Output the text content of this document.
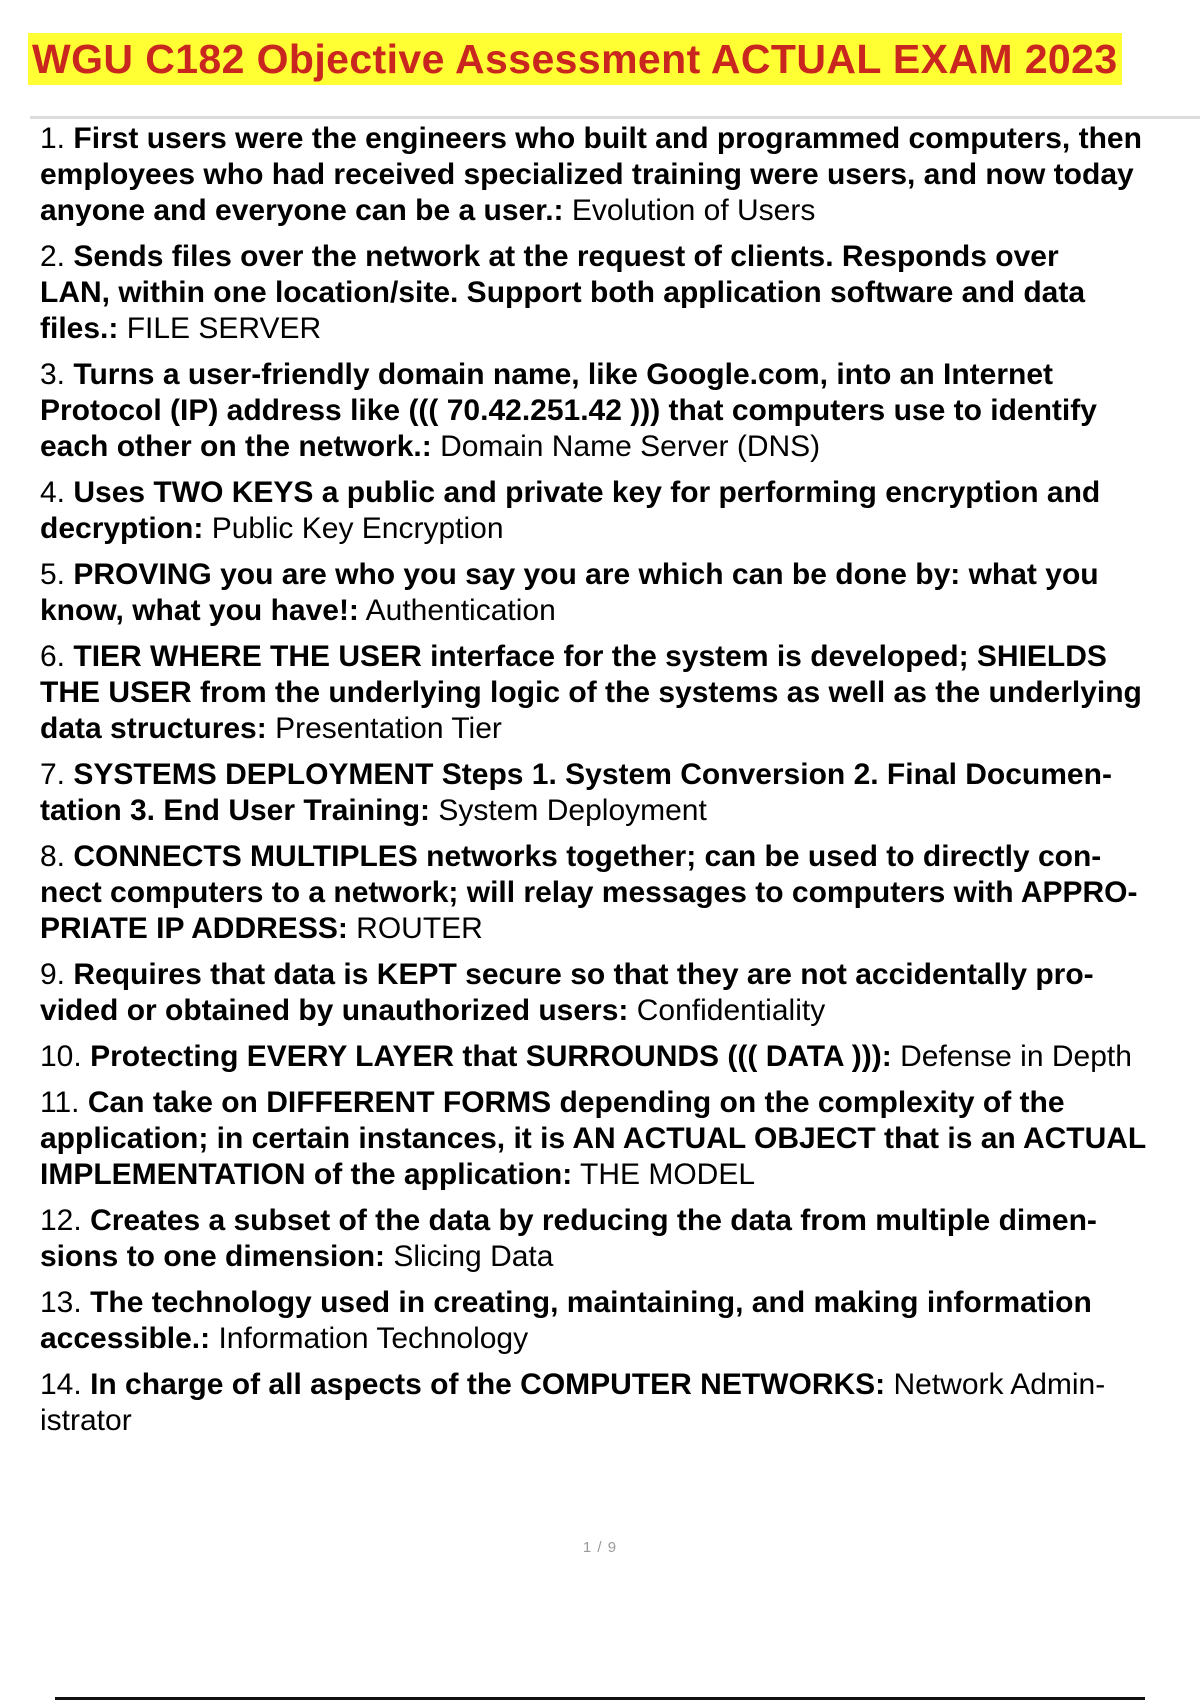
WGU C182 Objective Assessment ACTUAL EXAM 2023
1. First users were the engineers who built and programmed computers, then
employees who had received specialized training were users, and now today
anyone and everyone can be a user.: Evolution of Users
2. Sends files over the network at the request of clients. Responds over
LAN, within one location/site. Support both application software and data
files.: FILE SERVER
3. Turns a user-friendly domain name, like Google.com, into an Internet
Protocol (IP) address like ((( 70.42.251.42 ))) that computers use to identify
each other on the network.: Domain Name Server (DNS)
4. Uses TWO KEYS a public and private key for performing encryption and
decryption: Public Key Encryption
5. PROVING you are who you say you are which can be done by: what you
know, what you have!: Authentication
6. TIER WHERE THE USER interface for the system is developed; SHIELDS
THE USER from the underlying logic of the systems as well as the underlying
data structures: Presentation Tier
7. SYSTEMS DEPLOYMENT Steps 1. System Conversion 2. Final Documen-
tation 3. End User Training: System Deployment
8. CONNECTS MULTIPLES networks together; can be used to directly con-
nect computers to a network; will relay messages to computers with APPRO-
PRIATE IP ADDRESS: ROUTER
9. Requires that data is KEPT secure so that they are not accidentally pro-
vided or obtained by unauthorized users: Confidentiality
10. Protecting EVERY LAYER that SURROUNDS ((( DATA ))): Defense in Depth
11. Can take on DIFFERENT FORMS depending on the complexity of the
application; in certain instances, it is AN ACTUAL OBJECT that is an ACTUAL
IMPLEMENTATION of the application: THE MODEL
12. Creates a subset of the data by reducing the data from multiple dimen-
sions to one dimension: Slicing Data
13. The technology used in creating, maintaining, and making information
accessible.: Information Technology
14. In charge of all aspects of the COMPUTER NETWORKS: Network Admin-
istrator
1 / 9
